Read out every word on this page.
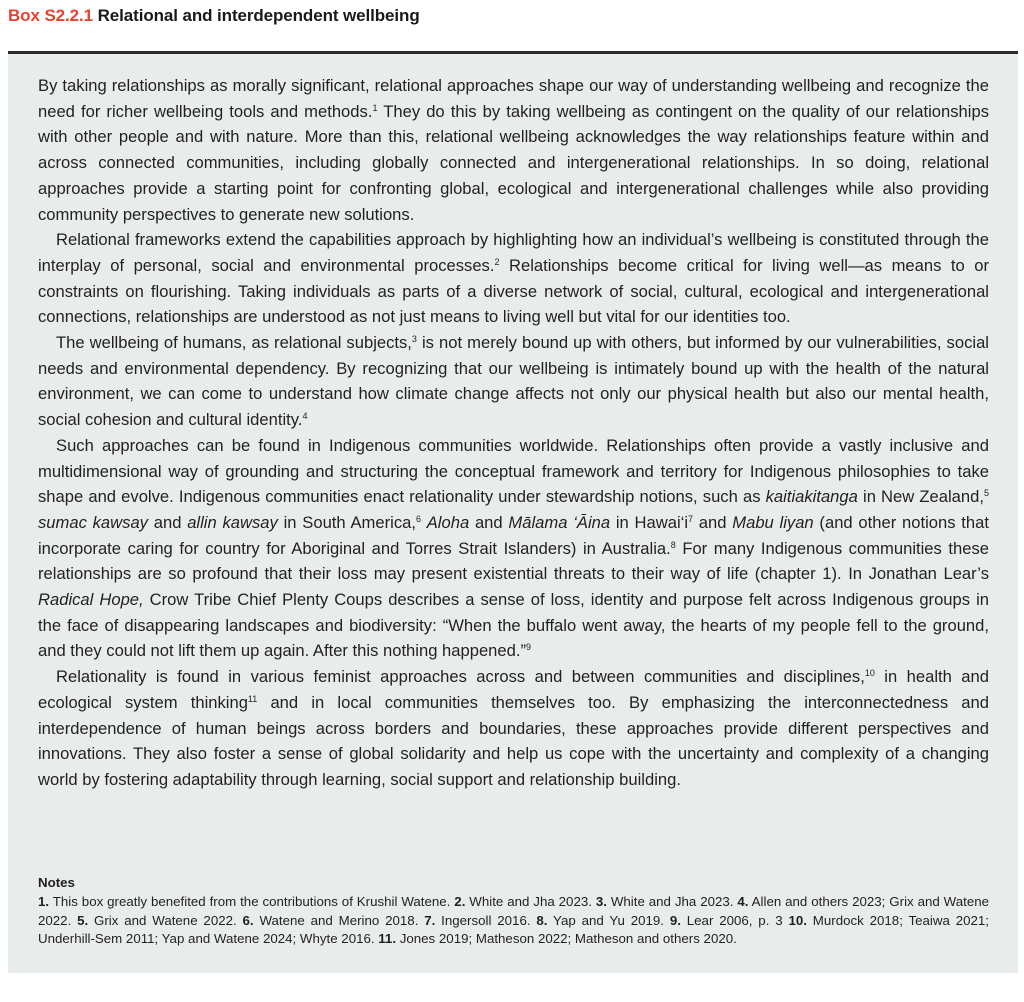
Box S2.2.1 Relational and interdependent wellbeing

By taking relationships as morally significant, relational approaches shape our way of understanding wellbeing and recognize the need for richer wellbeing tools and methods.$^1$ They do this by taking wellbeing as contingent on the quality of our relationships with other people and with nature. More than this, relational wellbeing acknowledges the way relationships feature within and across connected communities, including globally connected and intergenerational relationships. In so doing, relational approaches provide a starting point for confronting global, ecological and intergenerational challenges while also providing community perspectives to generate new solutions.

Relational frameworks extend the capabilities approach by highlighting how an individual’s wellbeing is constituted through the interplay of personal, social and environmental processes.$^2$ Relationships become critical for living well—as means to or constraints on flourishing. Taking individuals as parts of a diverse network of social, cultural, ecological and intergenerational connections, relationships are understood as not just means to living well but vital for our identities too.

The wellbeing of humans, as relational subjects,$^3$ is not merely bound up with others, but informed by our vulnerabilities, social needs and environmental dependency. By recognizing that our wellbeing is intimately bound up with the health of the natural environment, we can come to understand how climate change affects not only our physical health but also our mental health, social cohesion and cultural identity.$^4$

Such approaches can be found in Indigenous communities worldwide. Relationships often provide a vastly inclusive and multidimensional way of grounding and structuring the conceptual framework and territory for Indigenous philosophies to take shape and evolve. Indigenous communities enact relationality under stewardship notions, such as kaitiakitanga in New Zealand,$^5$ sumac kawsay and allin kawsay in South America,$^6$ Aloha and Mālama ‘Āina in $Hawai‘i^7$ and Mabu liyan (and other notions that incorporate caring for country for Aboriginal and Torres Strait Islanders) in Australia.$^8$ For many Indigenous communities these relationships are so profound that their loss may present existential threats to their way of life (chapter 1). In Jonathan Lear’s Radical Hope, Crow Tribe Chief Plenty Coups describes a sense of loss, identity and purpose felt across Indigenous groups in the face of disappearing landscapes and biodiversity: “When the buffalo went away, the hearts of my people fell to the ground, and they could not lift them up again. After this nothing happened.”$^9$

Relationality is found in various feminist approaches across and between communities and disciplines,$^{10}$ in health and ecological system thinking$^{11}$ and in local communities themselves too. By emphasizing the interconnectedness and interdependence of human beings across borders and boundaries, these approaches provide different perspectives and innovations. They also foster a sense of global solidarity and help us cope with the uncertainty and complexity of a changing world by fostering adaptability through learning, social support and relationship building.

Notes

1. This box greatly benefited from the contributions of Krushil Watene. 2. White and Jha 2023. 3. White and Jha 2023. 4. Allen and others 2023; Grix and Watene 2022. 5. Grix and Watene 2022. 6. Watene and Merino 2018. 7. Ingersoll 2016. 8. Yap and Yu 2019. 9. Lear 2006, p. 3 10. Murdock 2018; Teaiwa 2021; Underhill-Sem 2011; Yap and Watene 2024; Whyte 2016. 11. Jones 2019; Matheson 2022; Matheson and others 2020.
